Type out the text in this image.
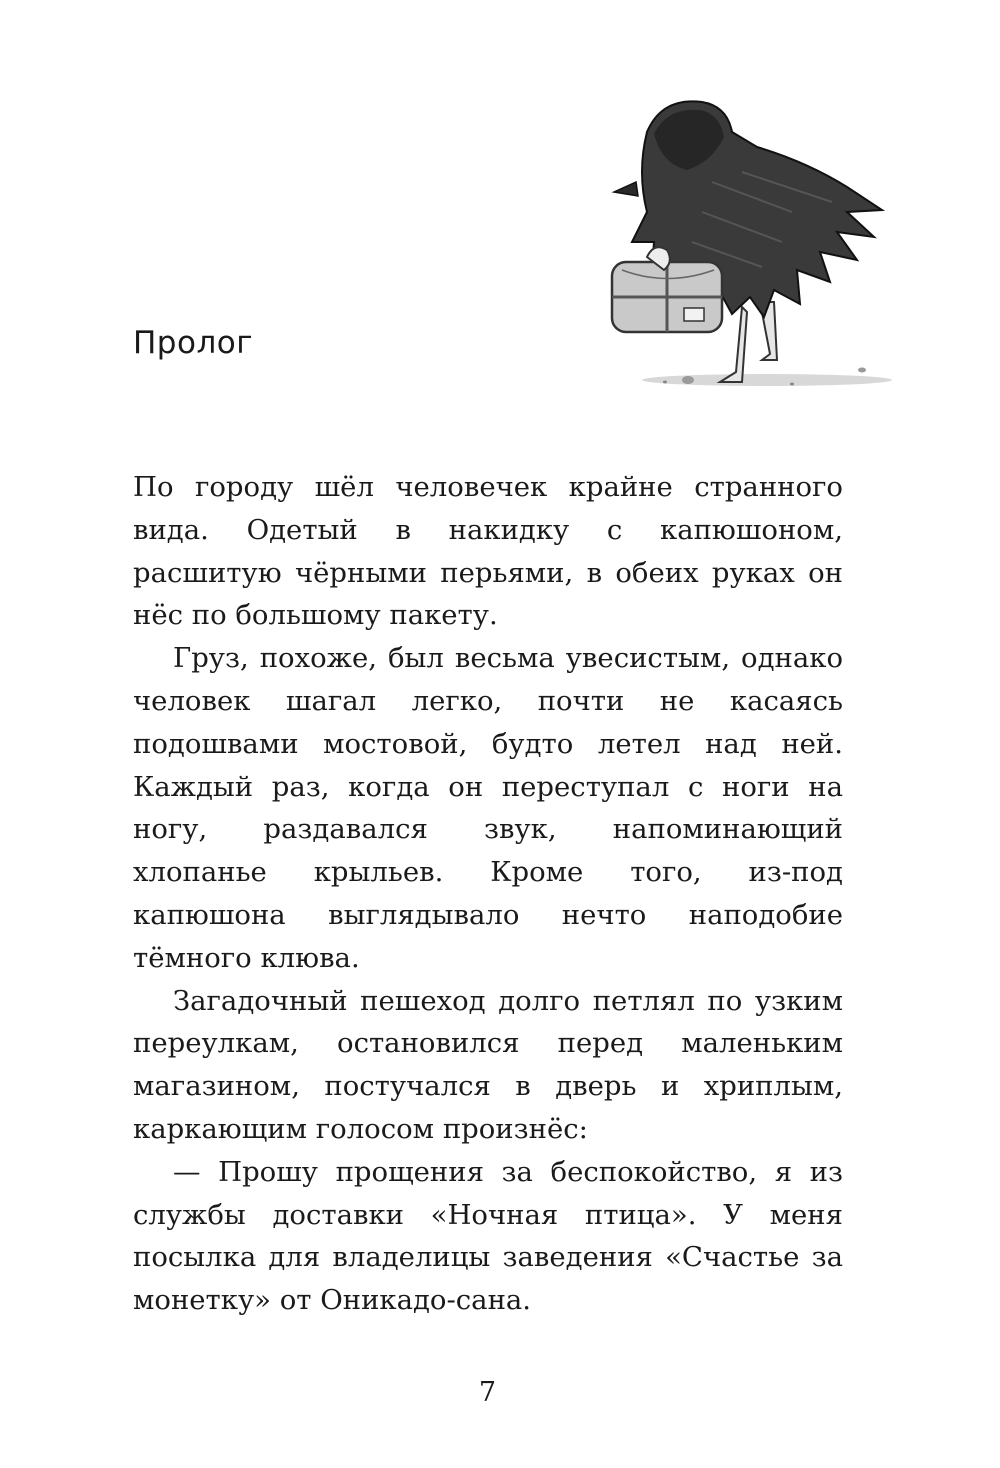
Пролог

По городу шёл человечек крайне странного вида. Одетый в накидку с капюшоном, расшитую чёрными перьями, в обеих руках он нёс по большому пакету.

Груз, похоже, был весьма увесистым, однако человек шагал легко, почти не касаясь подошвами мостовой, будто летел над ней. Каждый раз, когда он переступал с ноги на ногу, раздавался звук, напоминающий хлопанье крыльев. Кроме того, из-под капюшона выглядывало нечто наподобие тёмного клюва.

Загадочный пешеход долго петлял по узким переулкам, остановился перед маленьким магазином, постучался в дверь и хриплым, каркающим голосом произнёс:

— Прошу прощения за беспокойство, я из службы доставки «Ночная птица». У меня посылка для владелицы заведения «Счастье за монетку» от Оникадо-сана.

7
